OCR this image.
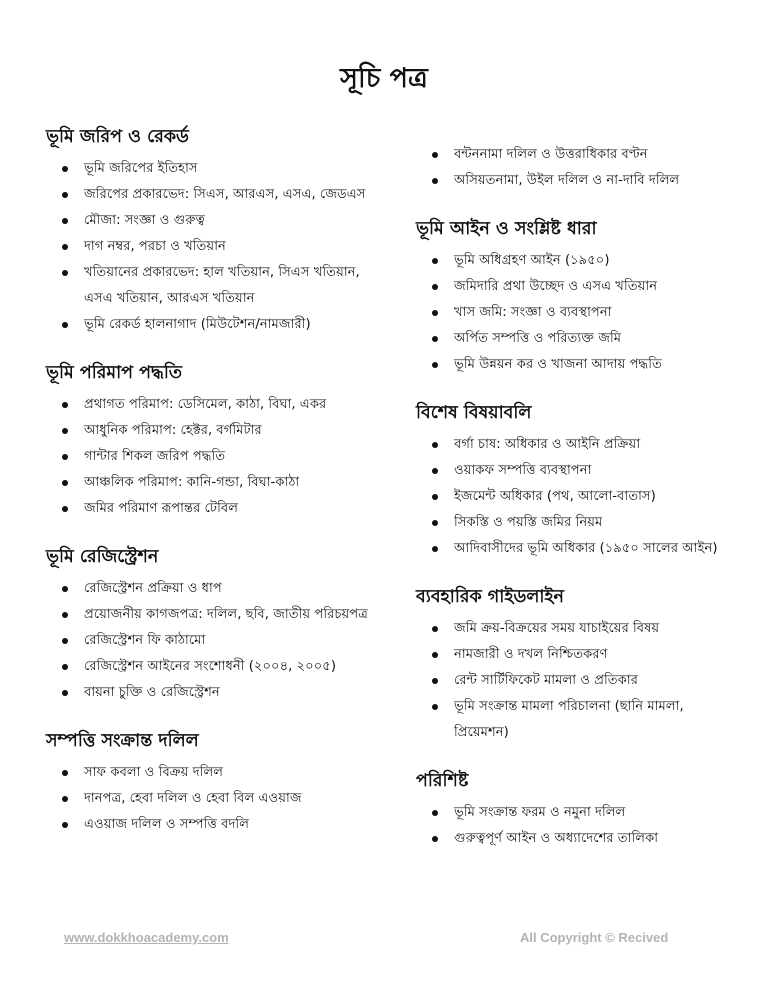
সূচি পত্র
ভূমি জরিপ ও রেকর্ড
ভূমি জরিপের ইতিহাস
জরিপের প্রকারভেদ: সিএস, আরএস, এসএ, জেডএস
মৌজা: সংজ্ঞা ও গুরুত্ব
দাগ নম্বর, পরচা ও খতিয়ান
খতিয়ানের প্রকারভেদ: হাল খতিয়ান, সিএস খতিয়ান, এসএ খতিয়ান, আরএস খতিয়ান
ভূমি রেকর্ড হালনাগাদ (মিউটেশন/নামজারী)
ভূমি পরিমাপ পদ্ধতি
প্রথাগত পরিমাপ: ডেসিমেল, কাঠা, বিঘা, একর
আধুনিক পরিমাপ: হেক্টর, বর্গমিটার
গান্টার শিকল জরিপ পদ্ধতি
আঞ্চলিক পরিমাপ: কানি-গন্ডা, বিঘা-কাঠা
জমির পরিমাণ রূপান্তর টেবিল
ভূমি রেজিস্ট্রেশন
রেজিস্ট্রেশন প্রক্রিয়া ও ধাপ
প্রয়োজনীয় কাগজপত্র: দলিল, ছবি, জাতীয় পরিচয়পত্র
রেজিস্ট্রেশন ফি কাঠামো
রেজিস্ট্রেশন আইনের সংশোধনী (২০০৪, ২০০৫)
বায়না চুক্তি ও রেজিস্ট্রেশন
সম্পত্তি সংক্রান্ত দলিল
সাফ কবলা ও বিক্রয় দলিল
দানপত্র, হেবা দলিল ও হেবা বিল এওয়াজ
এওয়াজ দলিল ও সম্পত্তি বদলি
বন্টননামা দলিল ও উত্তরাধিকার বণ্টন
অসিয়তনামা, উইল দলিল ও না-দাবি দলিল
ভূমি আইন ও সংশ্লিষ্ট ধারা
ভূমি অধিগ্রহণ আইন (১৯৫০)
জমিদারি প্রথা উচ্ছেদ ও এসএ খতিয়ান
খাস জমি: সংজ্ঞা ও ব্যবস্থাপনা
অর্পিত সম্পত্তি ও পরিত্যক্ত জমি
ভূমি উন্নয়ন কর ও খাজনা আদায় পদ্ধতি
বিশেষ বিষয়াবলি
বর্গা চাষ: অধিকার ও আইনি প্রক্রিয়া
ওয়াকফ সম্পত্তি ব্যবস্থাপনা
ইজমেন্ট অধিকার (পথ, আলো-বাতাস)
সিকস্তি ও পয়স্তি জমির নিয়ম
আদিবাসীদের ভূমি অধিকার (১৯৫০ সালের আইন)
ব্যবহারিক গাইডলাইন
জমি ক্রয়-বিক্রয়ের সময় যাচাইয়ের বিষয়
নামজারী ও দখল নিশ্চিতকরণ
রেন্ট সার্টিফিকেট মামলা ও প্রতিকার
ভূমি সংক্রান্ত মামলা পরিচালনা (ছানি মামলা, প্রিয়েমশন)
পরিশিষ্ট
ভূমি সংক্রান্ত ফরম ও নমুনা দলিল
গুরুত্বপূর্ণ আইন ও অধ্যাদেশের তালিকা
www.dokkhoacademy.com	All Copyright © Recived
